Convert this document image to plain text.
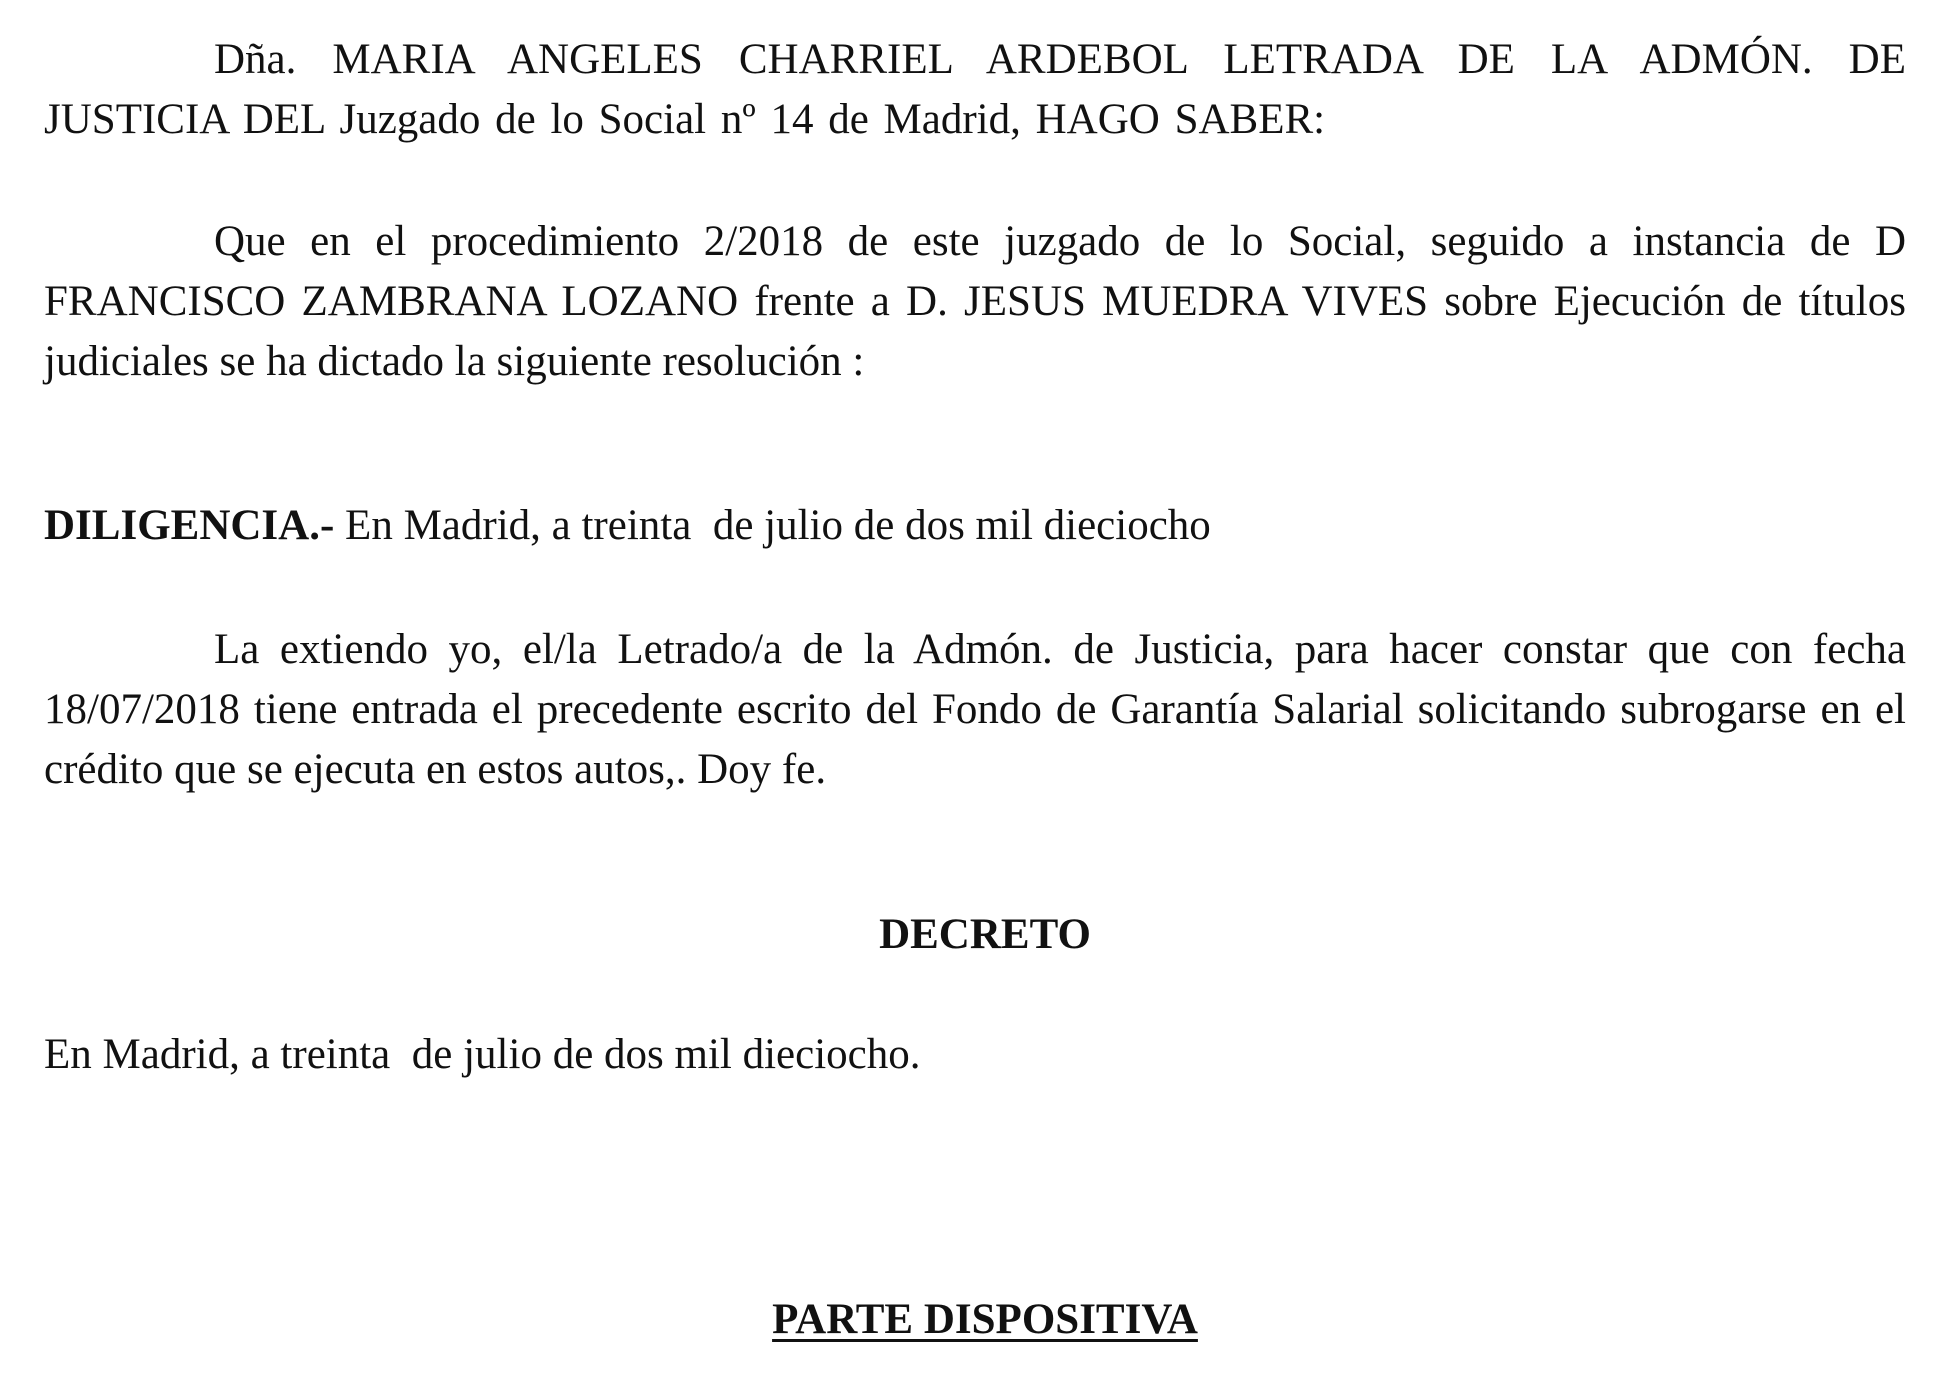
Dña. MARIA ANGELES CHARRIEL ARDEBOL LETRADA DE LA ADMÓN. DE JUSTICIA DEL Juzgado de lo Social nº 14 de Madrid, HAGO SABER:

Que en el procedimiento 2/2018 de este juzgado de lo Social, seguido a instancia de D FRANCISCO ZAMBRANA LOZANO frente a D. JESUS MUEDRA VIVES sobre Ejecución de títulos judiciales se ha dictado la siguiente resolución :

DILIGENCIA.- En Madrid, a treinta  de julio de dos mil dieciocho

La extiendo yo, el/la Letrado/a de la Admón. de Justicia, para hacer constar que con fecha 18/07/2018 tiene entrada el precedente escrito del Fondo de Garantía Salarial solicitando subrogarse en el crédito que se ejecuta en estos autos,. Doy fe.

DECRETO

En Madrid, a treinta  de julio de dos mil dieciocho.

PARTE DISPOSITIVA
